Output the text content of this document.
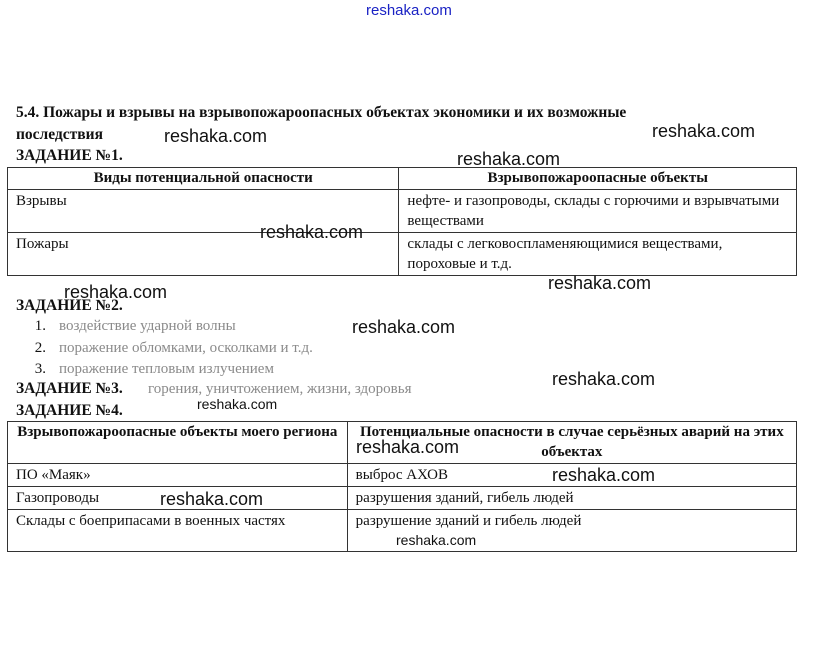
reshaka.com
reshaka.com	reshaka.com
reshaka.com
reshaka.com
reshaka.com	reshaka.com
reshaka.com
reshaka.com
reshaka.com
reshaka.com
reshaka.com
reshaka.com
reshaka.com
5.4. Пожары и взрывы на взрывопожароопасных объектах экономики и их возможные
последствия
ЗАДАНИЕ №1.
Виды потенциальной опасности	Взрывопожароопасные объекты
Взрывы	нефте- и газопроводы, склады с горючими и взрывчатыми веществами
Пожары	склады с легковоспламеняющимися веществами, пороховые и т.д.
ЗАДАНИЕ №2.
1. воздействие ударной волны
2. поражение обломками, осколками и т.д.
3. поражение тепловым излучением
ЗАДАНИЕ №3. горения, уничтожением, жизни, здоровья
ЗАДАНИЕ №4.
Взрывопожароопасные объекты моего региона	Потенциальные опасности в случае серьёзных аварий на этих объектах
ПО «Маяк»	выброс АХОВ
Газопроводы	разрушения зданий, гибель людей
Склады с боеприпасами в военных частях	разрушение зданий и гибель людей
